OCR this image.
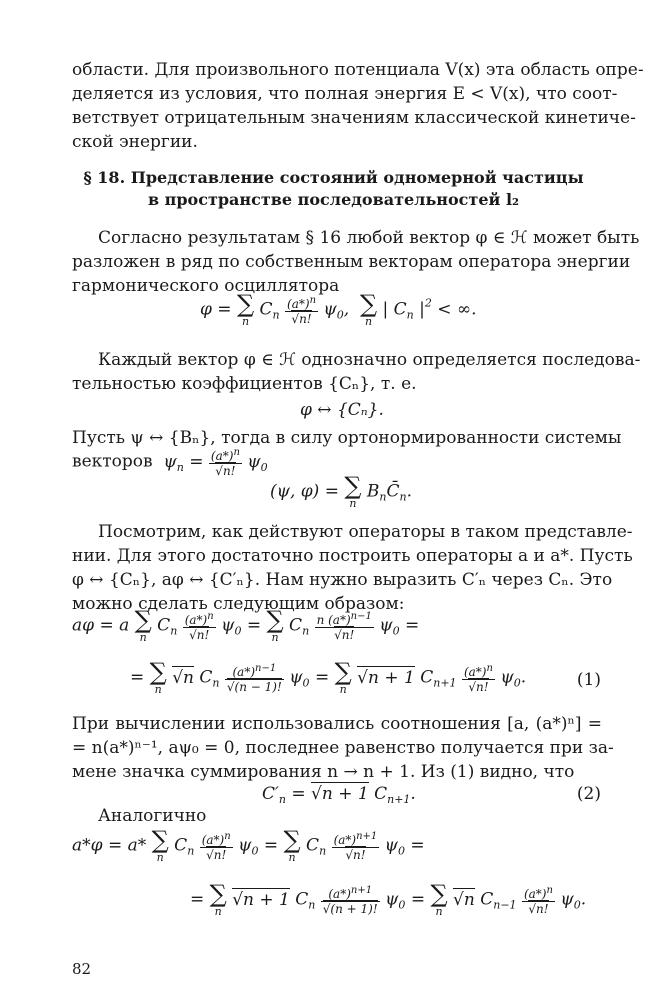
области. Для произвольного потенциала V(x) эта область опре-
деляется из условия, что полная энергия E < V(x), что соот-
ветствует отрицательным значениям классической кинетиче-
ской энергии.
§ 18. Представление состояний одномерной частицы
в пространстве последовательностей l₂
Согласно результатам § 16 любой вектор φ ∈ ℋ может быть
разложен в ряд по собственным векторам оператора энергии
гармонического осциллятора
φ = ∑
n
$C_n \frac{(a*)^n}{√n!} \psi_0$, ∑
n
| $C_n$ $|^2$ < ∞.
Каждый вектор φ ∈ ℋ однозначно определяется последова-
тельностью коэффициентов {Cₙ}, т. е.
φ ↔ {Cₙ}.
Пусть ψ ↔ {Bₙ}, тогда в силу ортонормированности системы
векторов $\psi_n = \frac{(a*)^n}{√n!} \psi_0$
(ψ, φ) = ∑
n
$B_nC̄_n$.
Посмотрим, как действуют операторы в таком представле-
нии. Для этого достаточно построить операторы a и a*. Пусть
φ ↔ {Cₙ}, aφ ↔ {C′ₙ}. Нам нужно выразить C′ₙ через Cₙ. Это
можно сделать следующим образом:
aφ = a ∑
n
$C_n \frac{(a*)^n}{√n!} \psi_0$ = ∑
n
$C_n \frac{n (a*)^{n-1}}{√n!} \psi_0$ =
= ∑
n
√n $C_n \frac{(a*)^{n-1}}{√(n - 1)!} \psi_0$ = ∑
n
√n + 1 $C_{n+1} \frac{(a*)^n}{√n!} \psi_0$.	(1)
При вычислении использовались соотношения [a, (a*)ⁿ] =
= n(a*)ⁿ⁻¹, aψ₀ = 0, последнее равенство получается при за-
мене значка суммирования n → n + 1. Из (1) видно, что
$C'_n = √n + 1$ $C_{n+1}$.	(2)
Аналогично
a*φ = a* ∑
n
$C_n \frac{(a*)^n}{√n!} \psi_0$ = ∑
n
$C_n \frac{(a*)^{n+1}}{√n!} \psi_0$ =
= ∑
n
√n + 1 $C_n \frac{(a*)^{n+1}}{√(n + 1)!} \psi_0$ = ∑
n
√n $C_{n-1} \frac{(a*)^n}{√n!} \psi_0$.
82
